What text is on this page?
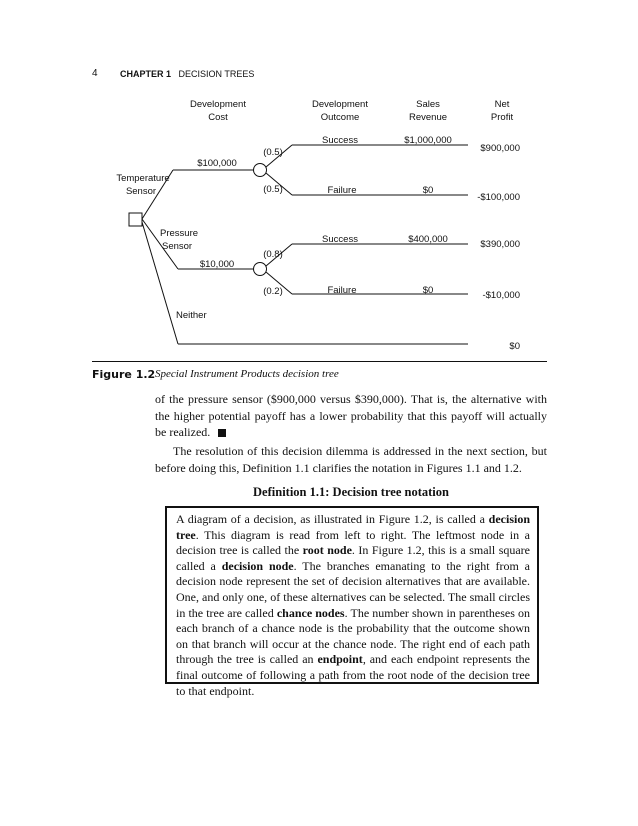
4 CHAPTER 1 DECISION TREES
Development
Cost
Development
Outcome
Sales
Revenue
Net
Profit
Temperature
Sensor
Pressure
Sensor
Neither
$100,000
$10,000
(0.5)
(0.5)
(0.8)
(0.2)
Success
Failure
Success
Failure
$1,000,000
$0
$400,000
$0
$900,000
-$100,000
$390,000
-$10,000
$0
Figure 1.2 Special Instrument Products decision tree
of the pressure sensor ($900,000 versus $390,000). That is, the alternative with the higher potential payoff has a lower probability that this payoff will actually be realized.
The resolution of this decision dilemma is addressed in the next section, but before doing this, Definition 1.1 clarifies the notation in Figures 1.1 and 1.2.
Definition 1.1: Decision tree notation
A diagram of a decision, as illustrated in Figure 1.2, is called a decision tree. This diagram is read from left to right. The leftmost node in a decision tree is called the root node. In Figure 1.2, this is a small square called a decision node. The branches emanating to the right from a decision node represent the set of decision alternatives that are available. One, and only one, of these alternatives can be selected. The small circles in the tree are called chance nodes. The number shown in parentheses on each branch of a chance node is the probability that the outcome shown on that branch will occur at the chance node. The right end of each path through the tree is called an endpoint, and each endpoint represents the final outcome of following a path from the root node of the decision tree to that endpoint.
